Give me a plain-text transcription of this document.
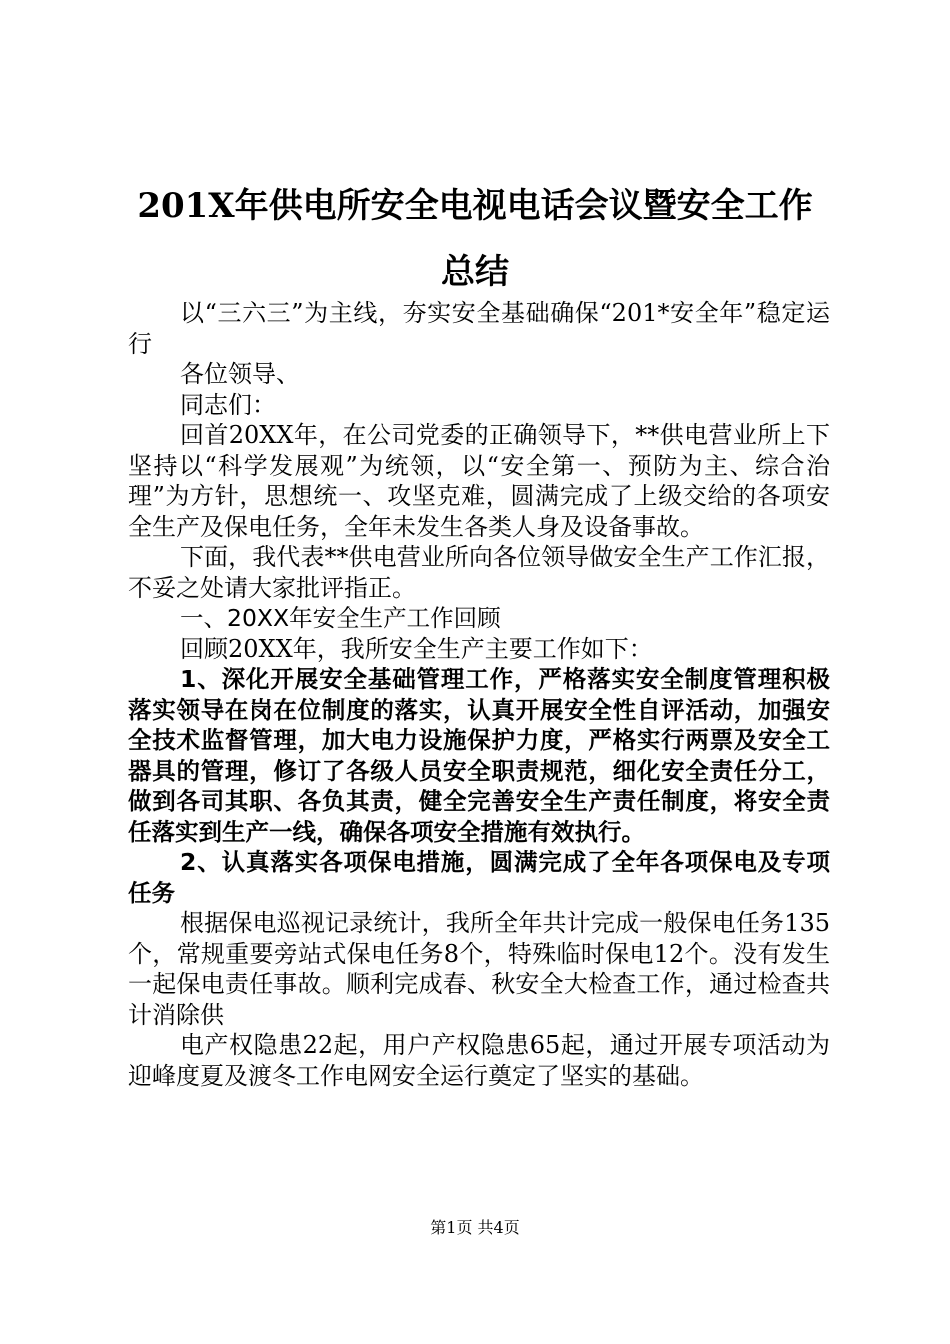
201X年供电所安全电视电话会议暨安全工作
总结

以“三六三”为主线，夯实安全基础确保“201*安全年”稳定运行

各位领导、

同志们：

回首20XX年，在公司党委的正确领导下，**供电营业所上下坚持以“科学发展观”为统领，以“安全第一、预防为主、综合治理”为方针，思想统一、攻坚克难，圆满完成了上级交给的各项安全生产及保电任务，全年未发生各类人身及设备事故。

下面，我代表**供电营业所向各位领导做安全生产工作汇报，不妥之处请大家批评指正。

一、20XX年安全生产工作回顾

回顾20XX年，我所安全生产主要工作如下：

1、深化开展安全基础管理工作，严格落实安全制度管理积极落实领导在岗在位制度的落实，认真开展安全性自评活动，加强安全技术监督管理，加大电力设施保护力度，严格实行两票及安全工器具的管理，修订了各级人员安全职责规范，细化安全责任分工，做到各司其职、各负其责，健全完善安全生产责任制度，将安全责任落实到生产一线，确保各项安全措施有效执行。

2、认真落实各项保电措施，圆满完成了全年各项保电及专项任务

根据保电巡视记录统计，我所全年共计完成一般保电任务135个，常规重要旁站式保电任务8个，特殊临时保电12个。没有发生一起保电责任事故。顺利完成春、秋安全大检查工作，通过检查共计消除供

电产权隐患22起，用户产权隐患65起，通过开展专项活动为迎峰度夏及渡冬工作电网安全运行奠定了坚实的基础。

第1页 共4页
